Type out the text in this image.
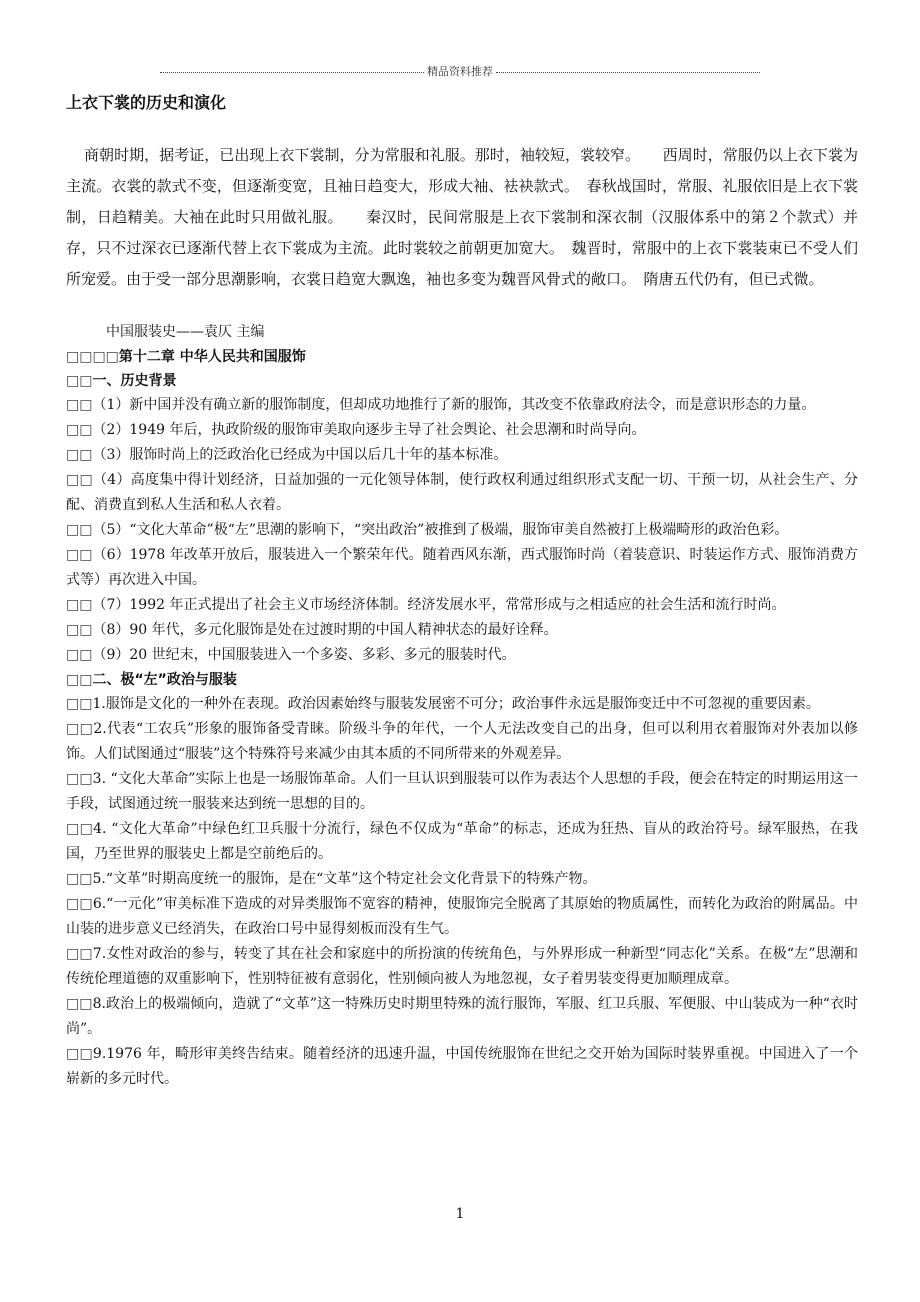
精品资料推荐
上衣下裳的历史和演化

商朝时期，据考证，已出现上衣下裳制，分为常服和礼服。那时，袖较短，裳较窄。　　西周时，常服仍以上衣下裳为主流。衣裳的款式不变，但逐渐变宽，且袖日趋变大，形成大袖、袪袂款式。　春秋战国时，常服、礼服依旧是上衣下裳制，日趋精美。大袖在此时只用做礼服。　　秦汉时，民间常服是上衣下裳制和深衣制（汉服体系中的第２个款式）并存，只不过深衣已逐渐代替上衣下裳成为主流。此时裳较之前朝更加宽大。　魏晋时，常服中的上衣下裳装束已不受人们所宠爱。由于受一部分思潮影响，衣裳日趋宽大飘逸，袖也多变为魏晋风骨式的敞口。　隋唐五代仍有，但已式微。

中国服装史——袁仄 主编

□□□□第十二章 中华人民共和国服饰

□□一、历史背景

□□（1）新中国并没有确立新的服饰制度，但却成功地推行了新的服饰，其改变不依靠政府法令，而是意识形态的力量。

□□（2）1949 年后，执政阶级的服饰审美取向逐步主导了社会舆论、社会思潮和时尚导向。

□□（3）服饰时尚上的泛政治化已经成为中国以后几十年的基本标准。

□□（4）高度集中得计划经济，日益加强的一元化领导体制，使行政权利通过组织形式支配一切、干预一切，从社会生产、分配、消费直到私人生活和私人衣着。

□□（5）“文化大革命”极“左”思潮的影响下，“突出政治”被推到了极端，服饰审美自然被打上极端畸形的政治色彩。

□□（6）1978 年改革开放后，服装进入一个繁荣年代。随着西风东渐，西式服饰时尚（着装意识、时装运作方式、服饰消费方式等）再次进入中国。

□□（7）1992 年正式提出了社会主义市场经济体制。经济发展水平，常常形成与之相适应的社会生活和流行时尚。

□□（8）90 年代，多元化服饰是处在过渡时期的中国人精神状态的最好诠释。

□□（9）20 世纪末，中国服装进入一个多姿、多彩、多元的服装时代。

□□二、极“左”政治与服装

□□1.服饰是文化的一种外在表现。政治因素始终与服装发展密不可分；政治事件永远是服饰变迁中不可忽视的重要因素。

□□2.代表“工农兵”形象的服饰备受青睐。阶级斗争的年代，一个人无法改变自己的出身，但可以利用衣着服饰对外表加以修饰。人们试图通过“服装”这个特殊符号来减少由其本质的不同所带来的外观差异。

□□3. “文化大革命”实际上也是一场服饰革命。人们一旦认识到服装可以作为表达个人思想的手段，便会在特定的时期运用这一手段，试图通过统一服装来达到统一思想的目的。

□□4. “文化大革命”中绿色红卫兵服十分流行，绿色不仅成为“革命”的标志，还成为狂热、盲从的政治符号。绿军服热，在我国，乃至世界的服装史上都是空前绝后的。

□□5.“文革”时期高度统一的服饰，是在“文革”这个特定社会文化背景下的特殊产物。

□□6.“一元化”审美标准下造成的对异类服饰不宽容的精神，使服饰完全脱离了其原始的物质属性，而转化为政治的附属品。中山装的进步意义已经消失，在政治口号中显得刻板而没有生气。

□□7.女性对政治的参与，转变了其在社会和家庭中的所扮演的传统角色，与外界形成一种新型“同志化”关系。在极“左”思潮和传统伦理道德的双重影响下，性别特征被有意弱化，性别倾向被人为地忽视，女子着男装变得更加顺理成章。

□□8.政治上的极端倾向，造就了“文革”这一特殊历史时期里特殊的流行服饰，军服、红卫兵服、军便服、中山装成为一种“衣时尚”。

□□9.1976 年，畸形审美终告结束。随着经济的迅速升温，中国传统服饰在世纪之交开始为国际时装界重视。中国进入了一个崭新的多元时代。

1
